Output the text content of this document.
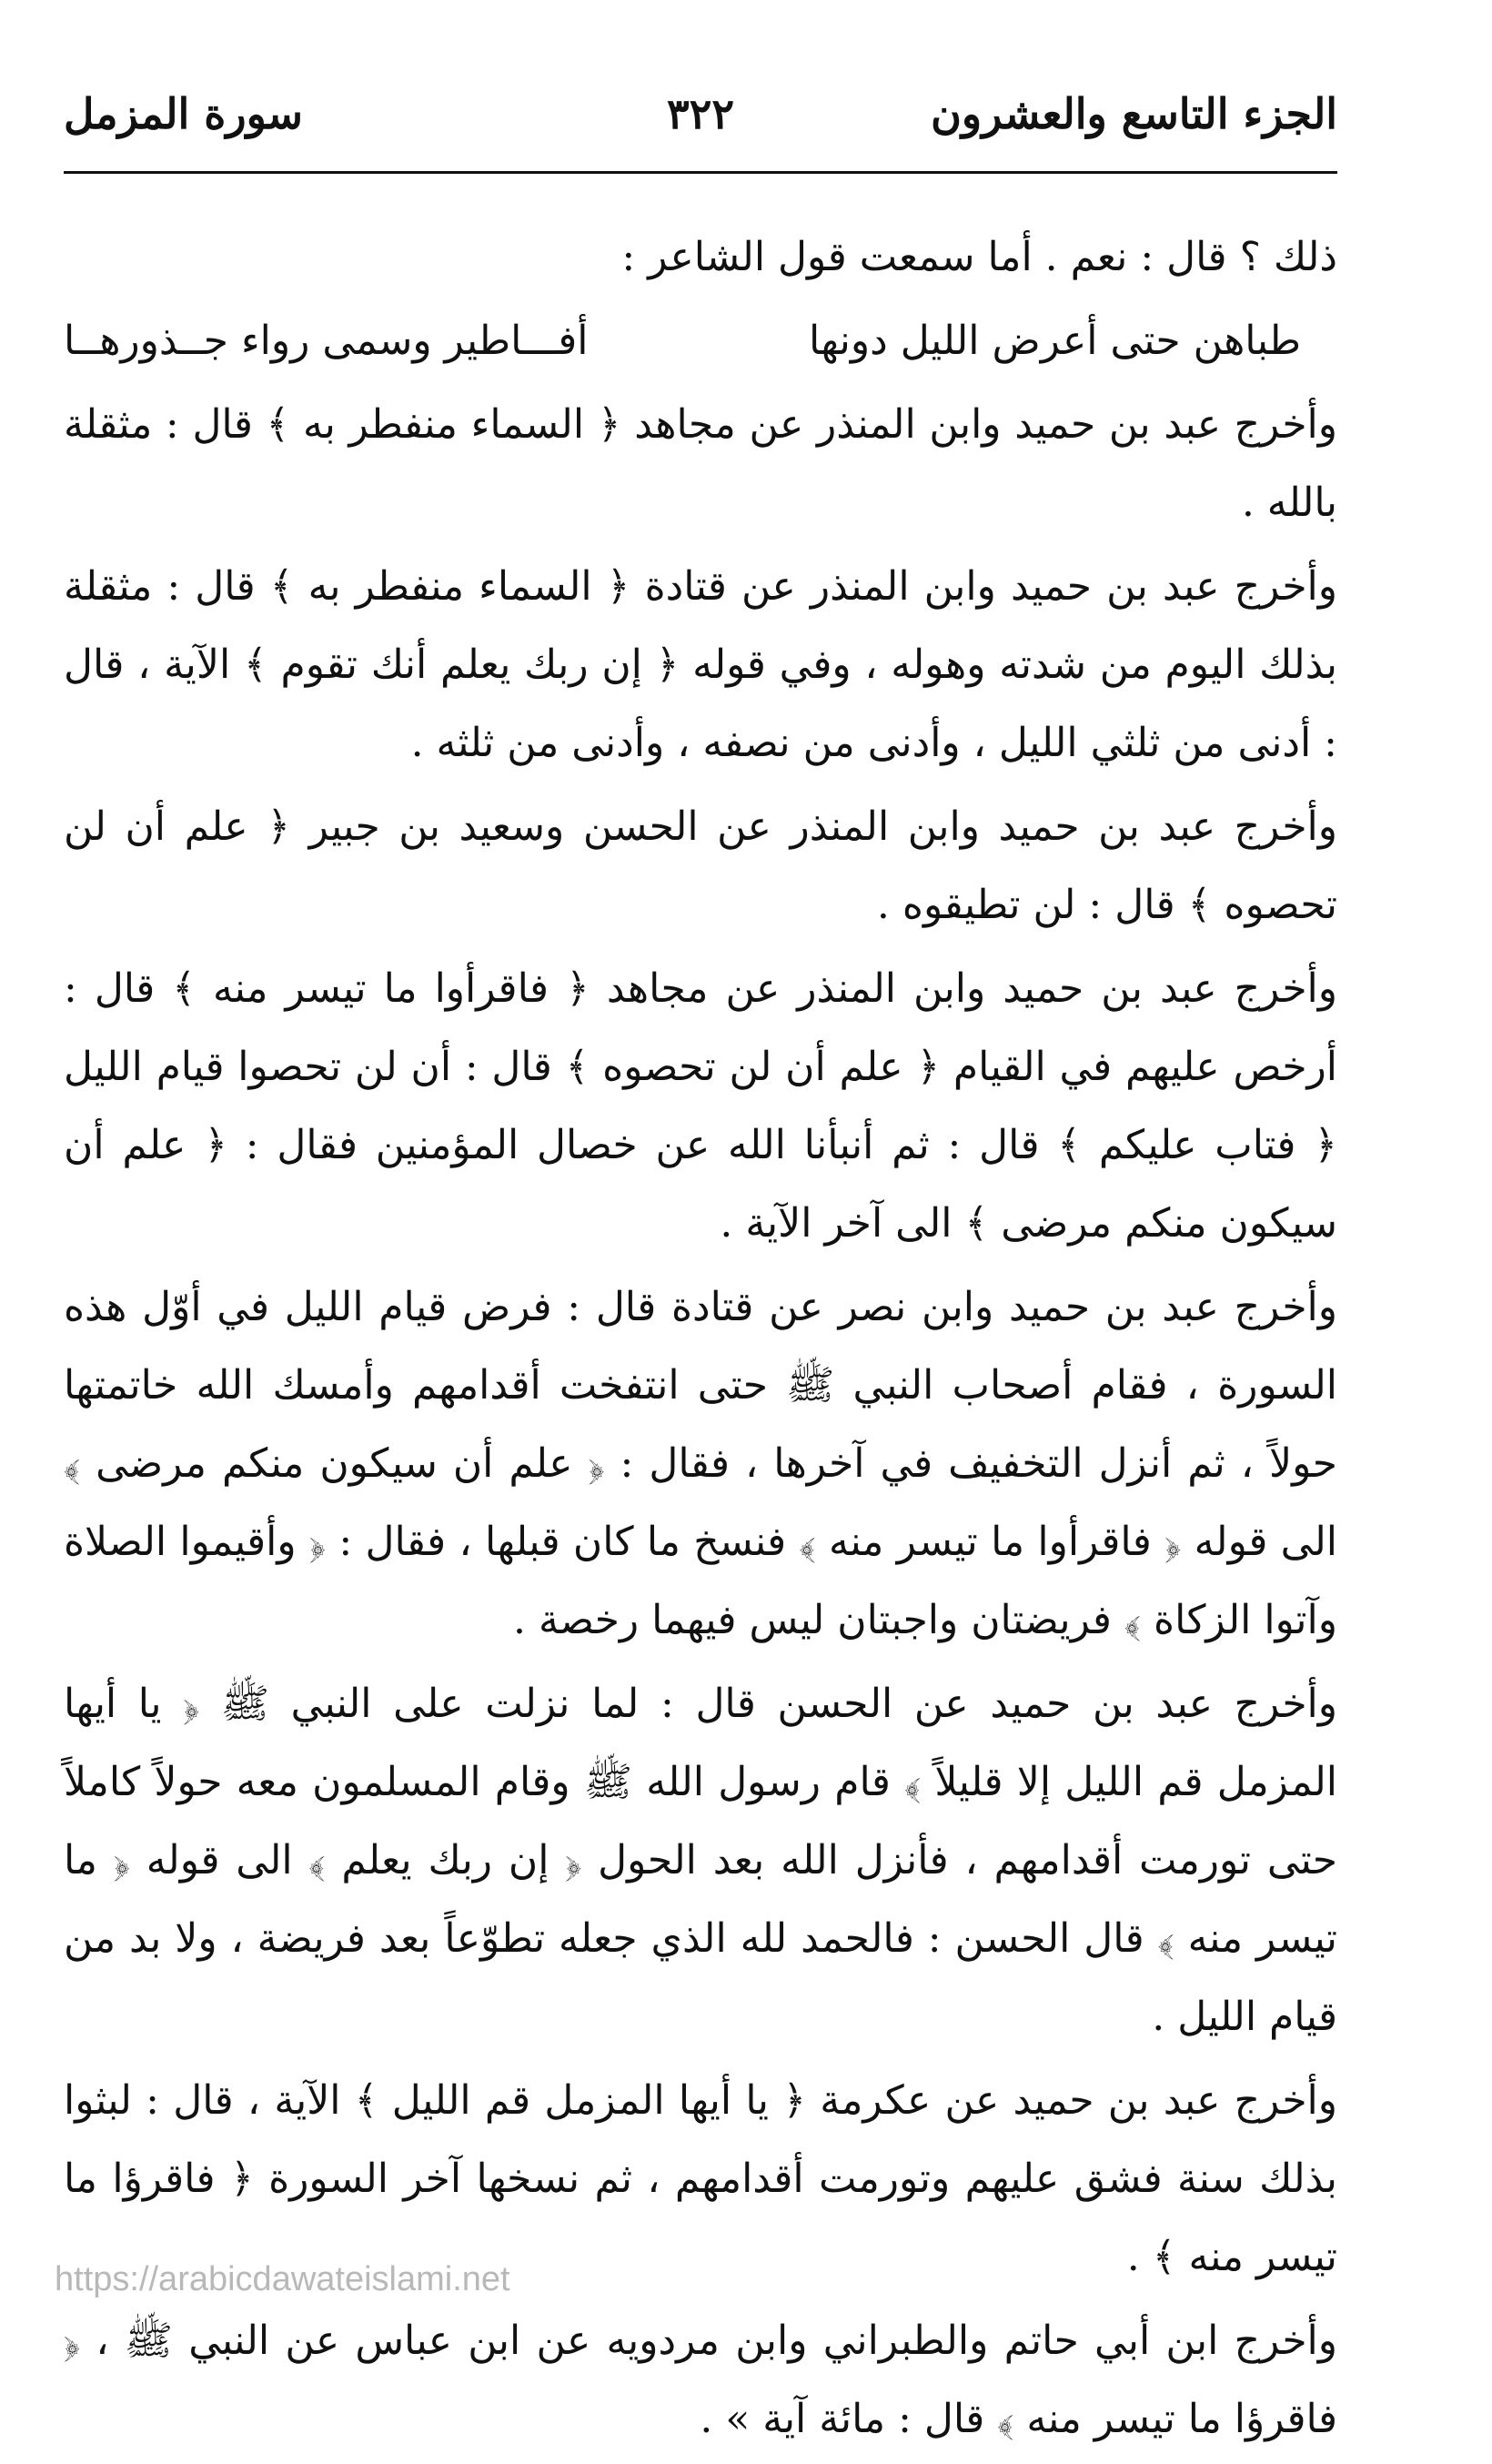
الجزء التاسع والعشرون
٣٢٢
سورة المزمل

ذلك ؟ قال : نعم . أما سمعت قول الشاعر :

طباهن حتى أعرض الليل دونها
أفـــاطير وسمى رواء جــذورهــا

وأخرج عبد بن حميد وابن المنذر عن مجاهد ﴿ السماء منفطر به ﴾ قال : مثقلة بالله .

وأخرج عبد بن حميد وابن المنذر عن قتادة ﴿ السماء منفطر به ﴾ قال : مثقلة بذلك اليوم من شدته وهوله ، وفي قوله ﴿ إن ربك يعلم أنك تقوم ﴾ الآية ، قال : أدنى من ثلثي الليل ، وأدنى من نصفه ، وأدنى من ثلثه .

وأخرج عبد بن حميد وابن المنذر عن الحسن وسعيد بن جبير ﴿ علم أن لن تحصوه ﴾ قال : لن تطيقوه .

وأخرج عبد بن حميد وابن المنذر عن مجاهد ﴿ فاقرأوا ما تيسر منه ﴾ قال : أرخص عليهم في القيام ﴿ علم أن لن تحصوه ﴾ قال : أن لن تحصوا قيام الليل ﴿ فتاب عليكم ﴾ قال : ثم أنبأنا الله عن خصال المؤمنين فقال : ﴿ علم أن سيكون منكم مرضى ﴾ الى آخر الآية .

وأخرج عبد بن حميد وابن نصر عن قتادة قال : فرض قيام الليل في أوّل هذه السورة ، فقام أصحاب النبي ﷺ حتى انتفخت أقدامهم وأمسك الله خاتمتها حولاً ، ثم أنزل التخفيف في آخرها ، فقال : ﴿ علم أن سيكون منكم مرضى ﴾ الى قوله ﴿ فاقرأوا ما تيسر منه ﴾ فنسخ ما كان قبلها ، فقال : ﴿ وأقيموا الصلاة وآتوا الزكاة ﴾ فريضتان واجبتان ليس فيهما رخصة .

وأخرج عبد بن حميد عن الحسن قال : لما نزلت على النبي ﷺ ﴿ يا أيها المزمل قم الليل إلا قليلاً ﴾ قام رسول الله ﷺ وقام المسلمون معه حولاً كاملاً حتى تورمت أقدامهم ، فأنزل الله بعد الحول ﴿ إن ربك يعلم ﴾ الى قوله ﴿ ما تيسر منه ﴾ قال الحسن : فالحمد لله الذي جعله تطوّعاً بعد فريضة ، ولا بد من قيام الليل .

وأخرج عبد بن حميد عن عكرمة ﴿ يا أيها المزمل قم الليل ﴾ الآية ، قال : لبثوا بذلك سنة فشق عليهم وتورمت أقدامهم ، ثم نسخها آخر السورة ﴿ فاقرؤا ما تيسر منه ﴾ .

وأخرج ابن أبي حاتم والطبراني وابن مردويه عن ابن عباس عن النبي ﷺ ، ﴿ فاقرؤا ما تيسر منه ﴾ قال : مائة آية » .

https://arabicdawateislami.net
